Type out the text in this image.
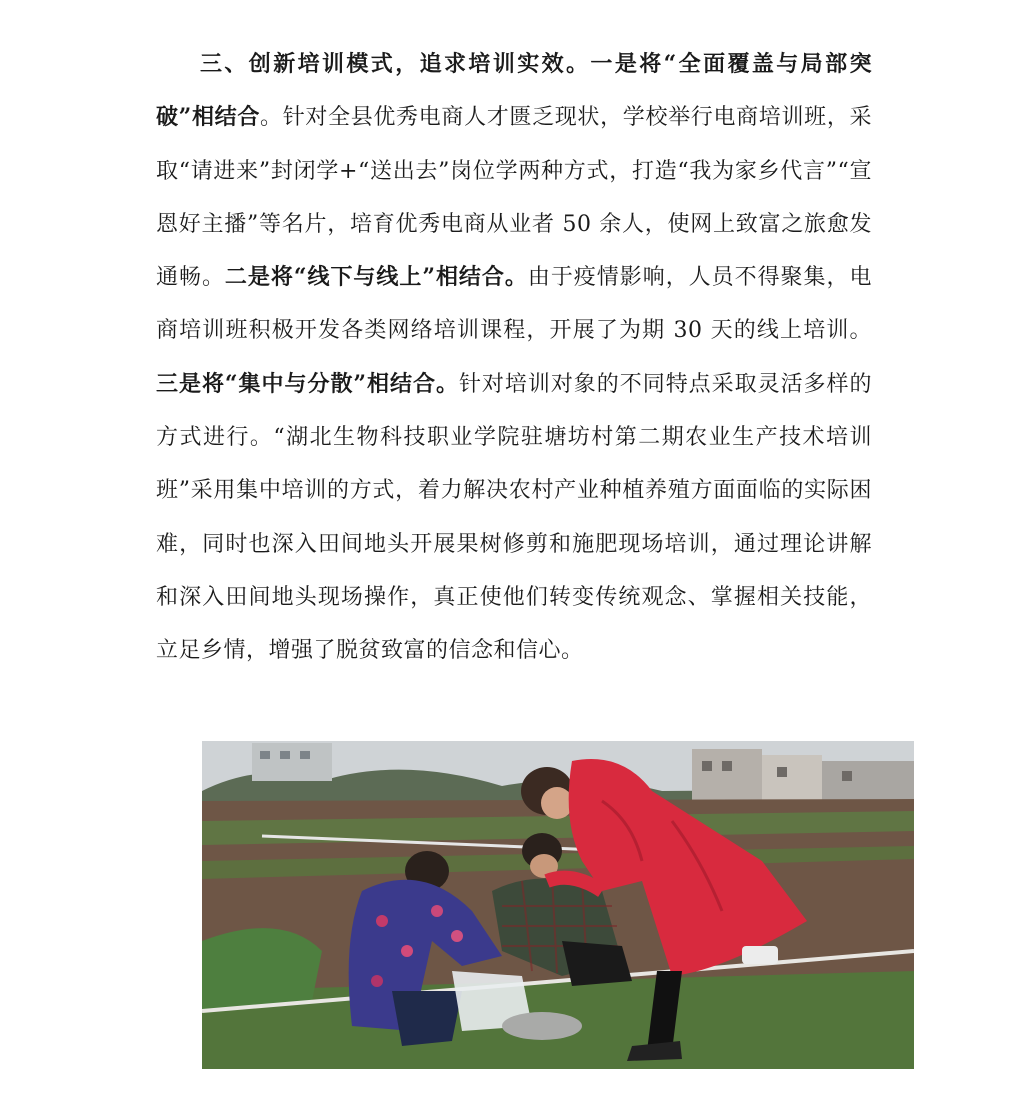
三、创新培训模式，追求培训实效。一是将“全面覆盖与局部突破”相结合。针对全县优秀电商人才匮乏现状，学校举行电商培训班，采取“请进来”封闭学+“送出去”岗位学两种方式，打造“我为家乡代言”“宣恩好主播”等名片，培育优秀电商从业者 50 余人，使网上致富之旅愈发通畅。二是将“线下与线上”相结合。由于疫情影响，人员不得聚集，电商培训班积极开发各类网络培训课程，开展了为期 30 天的线上培训。三是将“集中与分散”相结合。针对培训对象的不同特点采取灵活多样的方式进行。“湖北生物科技职业学院驻塘坊村第二期农业生产技术培训班”采用集中培训的方式，着力解决农村产业种植养殖方面面临的实际困难，同时也深入田间地头开展果树修剪和施肥现场培训，通过理论讲解和深入田间地头现场操作，真正使他们转变传统观念、掌握相关技能，立足乡情，增强了脱贫致富的信念和信心。
